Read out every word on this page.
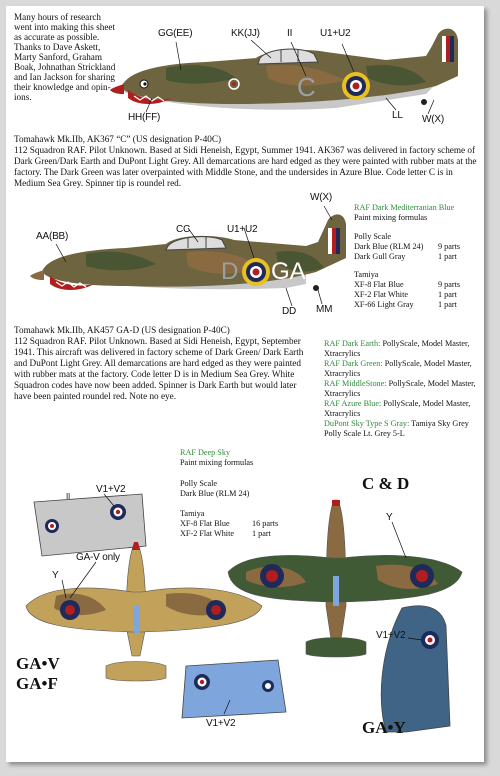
Many hours of research
went into making this sheet
as accurate as possible.
Thanks to Dave Askett,
Marty Sanford, Graham
Boak, Johnathan Strickland
and Ian Jackson for sharing
their knowledge and opin-
ions.	C
GG(EE)	KK(JJ)	II	U1+U2
HH(FF)	LL W(X)
Tomahawk Mk.IIb, AK367 “C” (US designation P-40C)
112 Squadron RAF. Pilot Unknown. Based at Sidi Heneish, Egypt, Summer 1941. AK367 was delivered in factory scheme of Dark Green/Dark Earth and DuPont Light Grey. All demarcations are hard edged as they were painted with rubber mats at the factory. The Dark Green was later overpainted with Middle Stone, and the undersides in Azure Blue. Code letter C is in Medium Sea Grey. Spinner tip is roundel red.
D GA
AA(BB)
CC	U1+U2
W(X)
DD MM
RAF Dark Mediterranian Blue
Paint mixing formulas
Polly Scale
Dark Blue (RLM 24) 9 parts
Dark Gull Gray	1 part
Tamiya
XF-8 Flat Blue	9 parts
XF-2 Flat White	1 part
XF-66 Light Gray	1 part
Tomahawk Mk.IIb, AK457 GA-D (US designation P-40C)
112 Squadron RAF. Pilot Unknown. Based at Sidi Heneish, Egypt, September 1941. This aircraft was delivered in factory scheme of Dark Green/ Dark Earth and DuPont Light Grey. All demarcations are hard edged as they were painted with rubber mats at the factory. Code letter D is in Medium Sea Grey. White Squadron codes have now been added. Spinner is Dark Earth but would later have been painted roundel red. Note no eye.
RAF Dark Earth: PollyScale, Model Master,
Xtracrylics
RAF Dark Green: PollyScale, Model Master,
Xtracrylics
RAF MiddleStone: PollyScale, Model Master,
Xtracrylics
RAF Azure Blue: PollyScale, Model Master,
Xtracrylics
DuPont Sky Type S Gray: Tamiya Sky Grey
Polly Scale Lt. Grey 5-L
RAF Deep Sky
Paint mixing formulas
Polly Scale
Dark Blue (RLM 24)
Tamiya
XF-8 Flat Blue	16 parts
XF-2 Flat White 1 part
V1+V2
GA-V only
Y
C & D
Y
V1+V2
V1+V2
GA•V
GA•F
GA•Y
II
